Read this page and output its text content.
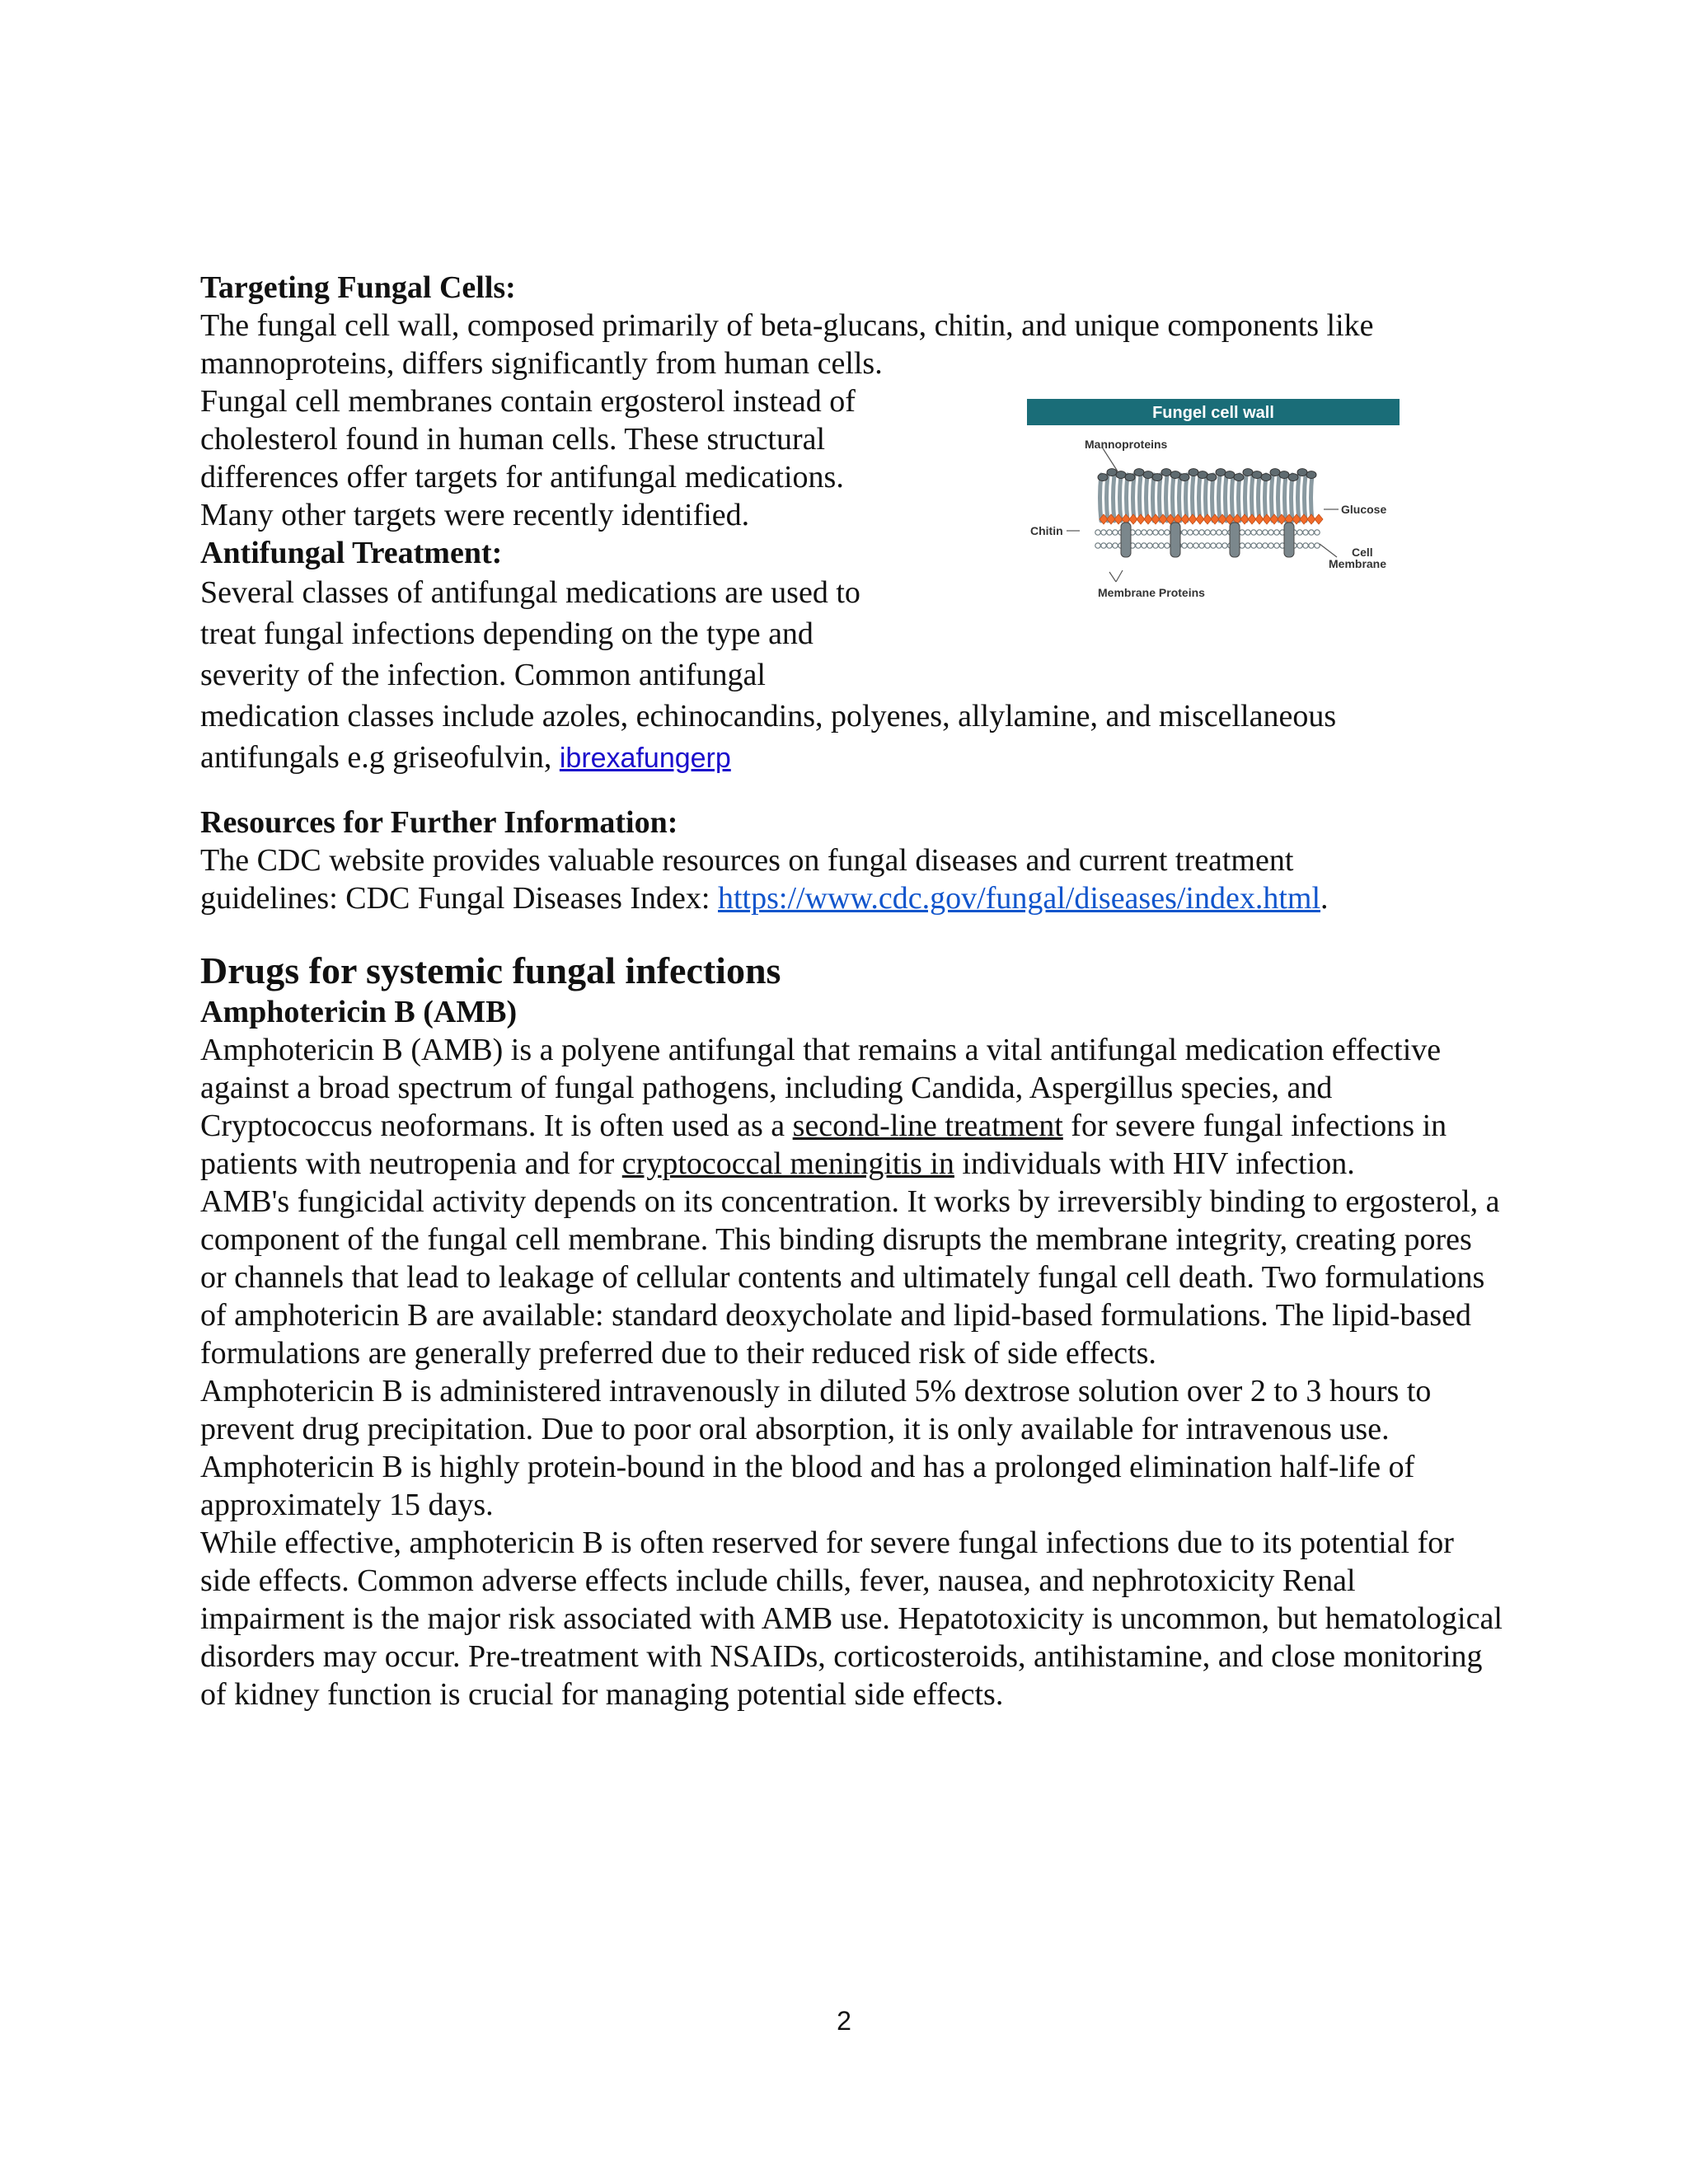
Targeting Fungal Cells:

The fungal cell wall, composed primarily of beta-glucans, chitin, and unique components like

mannoproteins, differs significantly from human cells.

Fungel cell wall
Mannoproteins
Glucose
Chitin
Cell
Membrane
Membrane Proteins

Fungal cell membranes contain ergosterol instead of

cholesterol found in human cells. These structural

differences offer targets for antifungal medications.

Many other targets were recently identified.

Antifungal Treatment:

Several classes of antifungal medications are used to

treat fungal infections depending on the type and

severity of the infection. Common antifungal

medication classes include azoles, echinocandins, polyenes, allylamine, and miscellaneous

antifungals e.g griseofulvin, ibrexafungerp

Resources for Further Information:

The CDC website provides valuable resources on fungal diseases and current treatment

guidelines: CDC Fungal Diseases Index: https://www.cdc.gov/fungal/diseases/index.html.

Drugs for systemic fungal infections

Amphotericin B (AMB)

Amphotericin B (AMB) is a polyene antifungal that remains a vital antifungal medication effective against a broad spectrum of fungal pathogens, including Candida, Aspergillus species, and Cryptococcus neoformans. It is often used as a second-line treatment for severe fungal infections in patients with neutropenia and for cryptococcal meningitis in individuals with HIV infection.

AMB's fungicidal activity depends on its concentration. It works by irreversibly binding to ergosterol, a component of the fungal cell membrane. This binding disrupts the membrane integrity, creating pores or channels that lead to leakage of cellular contents and ultimately fungal cell death. Two formulations of amphotericin B are available: standard deoxycholate and lipid-based formulations. The lipid-based formulations are generally preferred due to their reduced risk of side effects.

Amphotericin B is administered intravenously in diluted 5% dextrose solution over 2 to 3 hours to prevent drug precipitation. Due to poor oral absorption, it is only available for intravenous use. Amphotericin B is highly protein-bound in the blood and has a prolonged elimination half-life of approximately 15 days.

While effective, amphotericin B is often reserved for severe fungal infections due to its potential for side effects. Common adverse effects include chills, fever, nausea, and nephrotoxicity Renal impairment is the major risk associated with AMB use. Hepatotoxicity is uncommon, but hematological disorders may occur. Pre-treatment with NSAIDs, corticosteroids, antihistamine, and close monitoring of kidney function is crucial for managing potential side effects.

2
